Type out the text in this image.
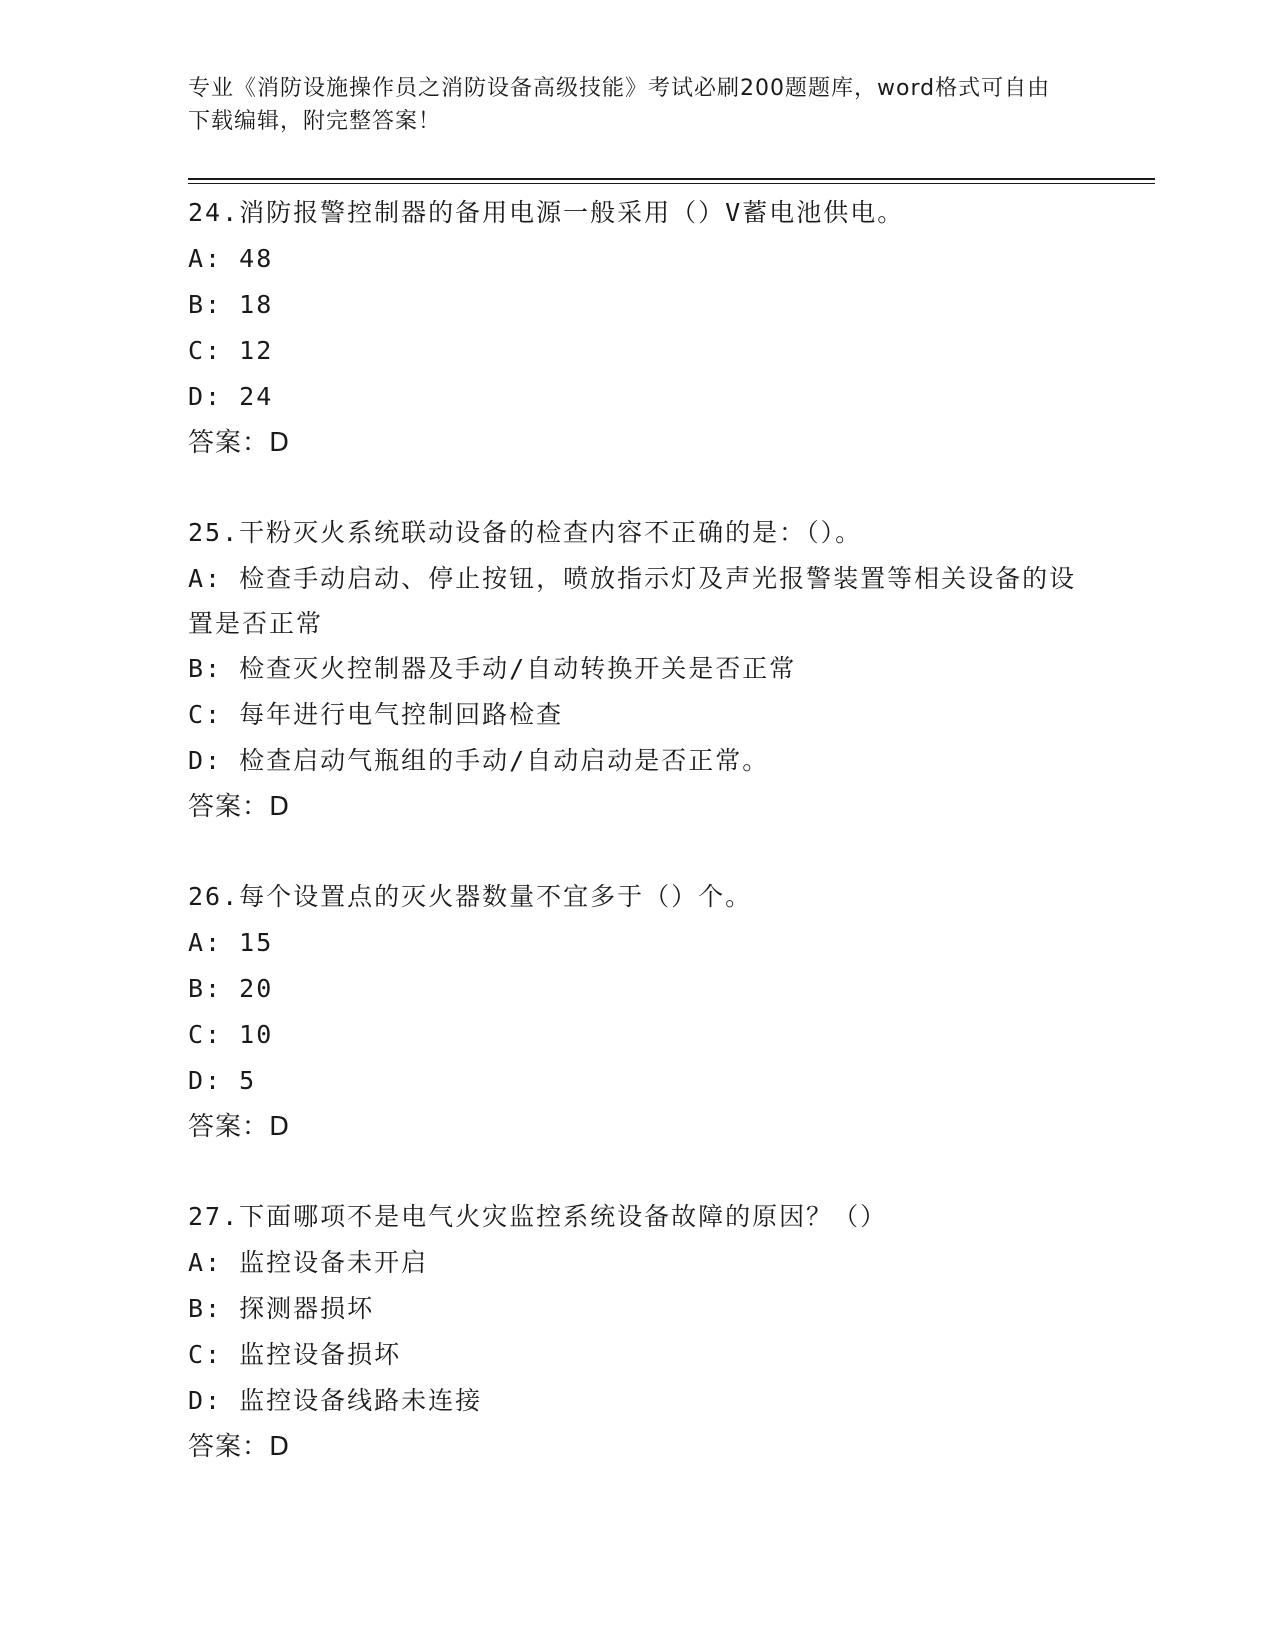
专业《消防设施操作员之消防设备高级技能》考试必刷200题题库，word格式可自由下载编辑，附完整答案！

24.消防报警控制器的备用电源一般采用（）V蓄电池供电。

A: 48

B: 18

C: 12

D: 24

答案：D

25.干粉灭火系统联动设备的检查内容不正确的是：（）。

A: 检查手动启动、停止按钮，喷放指示灯及声光报警装置等相关设备的设置是否正常

B: 检查灭火控制器及手动/自动转换开关是否正常

C: 每年进行电气控制回路检查

D: 检查启动气瓶组的手动/自动启动是否正常。

答案：D

26.每个设置点的灭火器数量不宜多于（）个。

A: 15

B: 20

C: 10

D: 5

答案：D

27.下面哪项不是电气火灾监控系统设备故障的原因？（）

A: 监控设备未开启

B: 探测器损坏

C: 监控设备损坏

D: 监控设备线路未连接

答案：D
